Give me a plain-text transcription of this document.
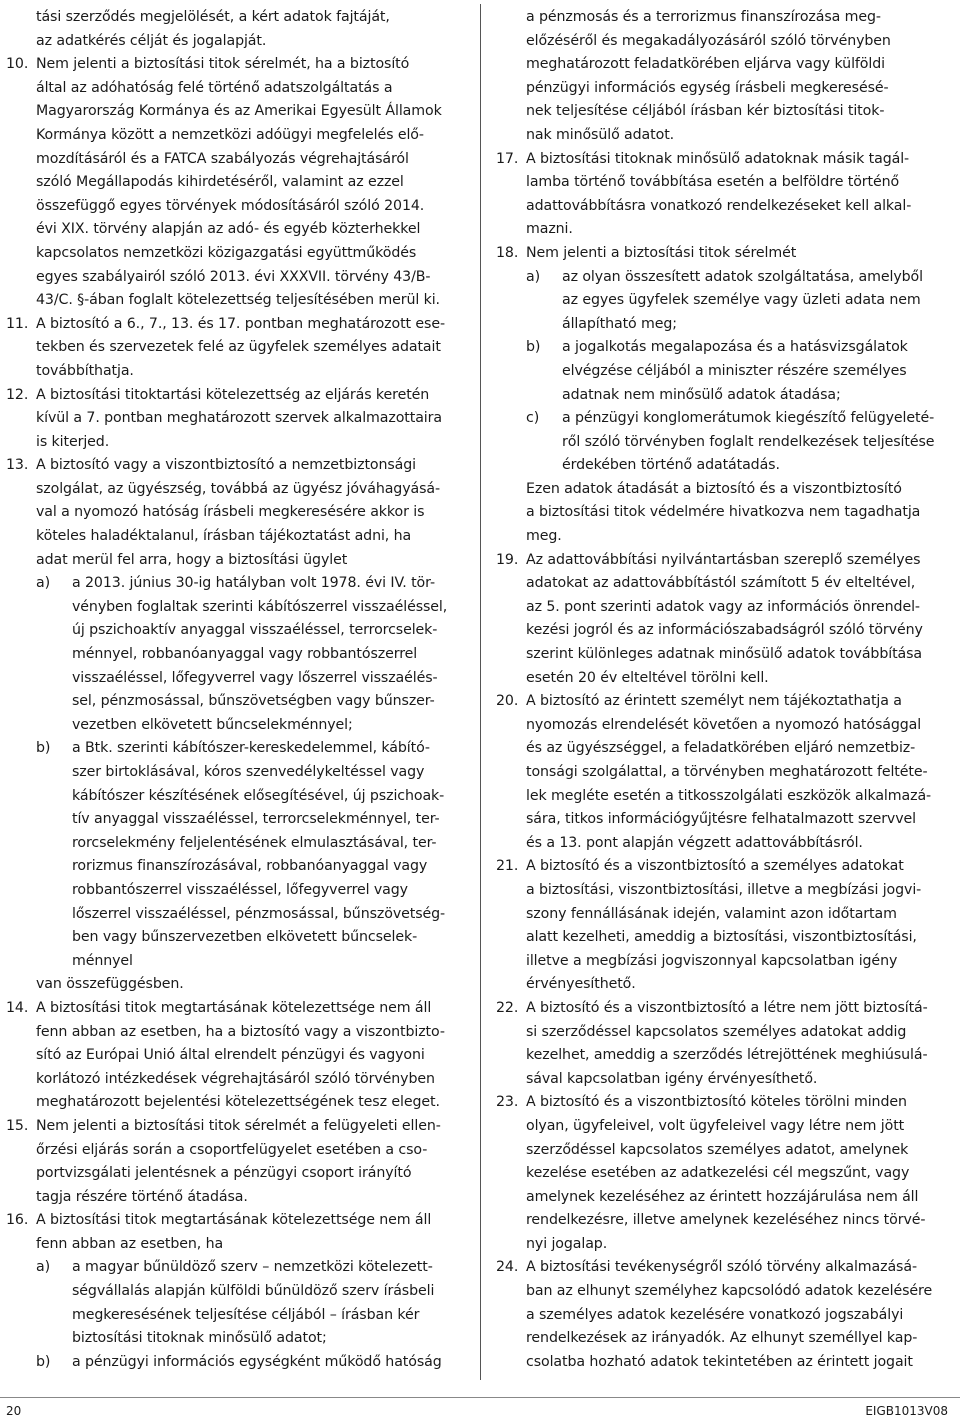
tási szerződés megjelölését, a kért adatok fajtáját,
az adatkérés célját és jogalapját.
10. Nem jelenti a biztosítási titok sérelmét, ha a biztosító
által az adóhatóság felé történő adatszolgáltatás a
Magyarország Kormánya és az Amerikai Egyesült Államok
Kormánya között a nemzetközi adóügyi megfelelés elő-
mozdításáról és a FATCA szabályozás végrehajtásáról
szóló Megállapodás kihirdetéséről, valamint az ezzel
összefüggő egyes törvények módosításáról szóló 2014.
évi XIX. törvény alapján az adó- és egyéb közterhekkel
kapcsolatos nemzetközi közigazgatási együttműködés
egyes szabályairól szóló 2013. évi XXXVII. törvény 43/B-
43/C. §-ában foglalt kötelezettség teljesítésében merül ki.
11. A biztosító a 6., 7., 13. és 17. pontban meghatározott ese-
tekben és szervezetek felé az ügyfelek személyes adatait
továbbíthatja.
12. A biztosítási titoktartási kötelezettség az eljárás keretén
kívül a 7. pontban meghatározott szervek alkalmazottaira
is kiterjed.
13. A biztosító vagy a viszontbiztosító a nemzetbiztonsági
szolgálat, az ügyészség, továbbá az ügyész jóváhagyásá-
val a nyomozó hatóság írásbeli megkeresésére akkor is
köteles haladéktalanul, írásban tájékoztatást adni, ha
adat merül fel arra, hogy a biztosítási ügylet
a) a 2013. június 30-ig hatályban volt 1978. évi IV. tör-
vényben foglaltak szerinti kábítószerrel visszaéléssel,
új pszichoaktív anyaggal visszaéléssel, terrorcselek-
ménnyel, robbanóanyaggal vagy robbantószerrel
visszaéléssel, lőfegyverrel vagy lőszerrel visszaélés-
sel, pénzmosással, bűnszövetségben vagy bűnszer-
vezetben elkövetett bűncselekménnyel;
b) a Btk. szerinti kábítószer-kereskedelemmel, kábító-
szer birtoklásával, kóros szenvedélykeltéssel vagy
kábítószer készítésének elősegítésével, új pszichoak-
tív anyaggal visszaéléssel, terrorcselekménnyel, ter-
rorcselekmény feljelentésének elmulasztásával, ter-
rorizmus finanszírozásával, robbanóanyaggal vagy
robbantószerrel visszaéléssel, lőfegyverrel vagy
lőszerrel visszaéléssel, pénzmosással, bűnszövetség-
ben vagy bűnszervezetben elkövetett bűncselek-
ménnyel
van összefüggésben.
14. A biztosítási titok megtartásának kötelezettsége nem áll
fenn abban az esetben, ha a biztosító vagy a viszontbizto-
sító az Európai Unió által elrendelt pénzügyi és vagyoni
korlátozó intézkedések végrehajtásáról szóló törvényben
meghatározott bejelentési kötelezettségének tesz eleget.
15. Nem jelenti a biztosítási titok sérelmét a felügyeleti ellen-
őrzési eljárás során a csoportfelügyelet esetében a cso-
portvizsgálati jelentésnek a pénzügyi csoport irányító
tagja részére történő átadása.
16. A biztosítási titok megtartásának kötelezettsége nem áll
fenn abban az esetben, ha
a) a magyar bűnüldöző szerv – nemzetközi kötelezett-
ségvállalás alapján külföldi bűnüldöző szerv írásbeli
megkeresésének teljesítése céljából – írásban kér
biztosítási titoknak minősülő adatot;
b) a pénzügyi információs egységként működő hatóság
a pénzmosás és a terrorizmus finanszírozása meg-
előzéséről és megakadályozásáról szóló törvényben
meghatározott feladatkörében eljárva vagy külföldi
pénzügyi információs egység írásbeli megkeresésé-
nek teljesítése céljából írásban kér biztosítási titok-
nak minősülő adatot.
17. A biztosítási titoknak minősülő adatoknak másik tagál-
lamba történő továbbítása esetén a belföldre történő
adattovábbításra vonatkozó rendelkezéseket kell alkal-
mazni.
18. Nem jelenti a biztosítási titok sérelmét
a) az olyan összesített adatok szolgáltatása, amelyből
az egyes ügyfelek személye vagy üzleti adata nem
állapítható meg;
b) a jogalkotás megalapozása és a hatásvizsgálatok
elvégzése céljából a miniszter részére személyes
adatnak nem minősülő adatok átadása;
c) a pénzügyi konglomerátumok kiegészítő felügyeleté-
ről szóló törvényben foglalt rendelkezések teljesítése
érdekében történő adatátadás.
Ezen adatok átadását a biztosító és a viszontbiztosító
a biztosítási titok védelmére hivatkozva nem tagadhatja
meg.
19. Az adattovábbítási nyilvántartásban szereplő személyes
adatokat az adattovábbítástól számított 5 év elteltével,
az 5. pont szerinti adatok vagy az információs önrendel-
kezési jogról és az információszabadságról szóló törvény
szerint különleges adatnak minősülő adatok továbbítása
esetén 20 év elteltével törölni kell.
20. A biztosító az érintett személyt nem tájékoztathatja a
nyomozás elrendelését követően a nyomozó hatósággal
és az ügyészséggel, a feladatkörében eljáró nemzetbiz-
tonsági szolgálattal, a törvényben meghatározott feltéte-
lek megléte esetén a titkosszolgálati eszközök alkalmazá-
sára, titkos információgyűjtésre felhatalmazott szervvel
és a 13. pont alapján végzett adattovábbításról.
21. A biztosító és a viszontbiztosító a személyes adatokat
a biztosítási, viszontbiztosítási, illetve a megbízási jogvi-
szony fennállásának idején, valamint azon időtartam
alatt kezelheti, ameddig a biztosítási, viszontbiztosítási,
illetve a megbízási jogviszonnyal kapcsolatban igény
érvényesíthető.
22. A biztosító és a viszontbiztosító a létre nem jött biztosítá-
si szerződéssel kapcsolatos személyes adatokat addig
kezelhet, ameddig a szerződés létrejöttének meghiúsulá-
sával kapcsolatban igény érvényesíthető.
23. A biztosító és a viszontbiztosító köteles törölni minden
olyan, ügyfeleivel, volt ügyfeleivel vagy létre nem jött
szerződéssel kapcsolatos személyes adatot, amelynek
kezelése esetében az adatkezelési cél megszűnt, vagy
amelynek kezeléséhez az érintett hozzájárulása nem áll
rendelkezésre, illetve amelynek kezeléséhez nincs törvé-
nyi jogalap.
24. A biztosítási tevékenységről szóló törvény alkalmazásá-
ban az elhunyt személyhez kapcsolódó adatok kezelésére
a személyes adatok kezelésére vonatkozó jogszabályi
rendelkezések az irányadók. Az elhunyt személlyel kap-
csolatba hozható adatok tekintetében az érintett jogait
20	EIGB1013V08
